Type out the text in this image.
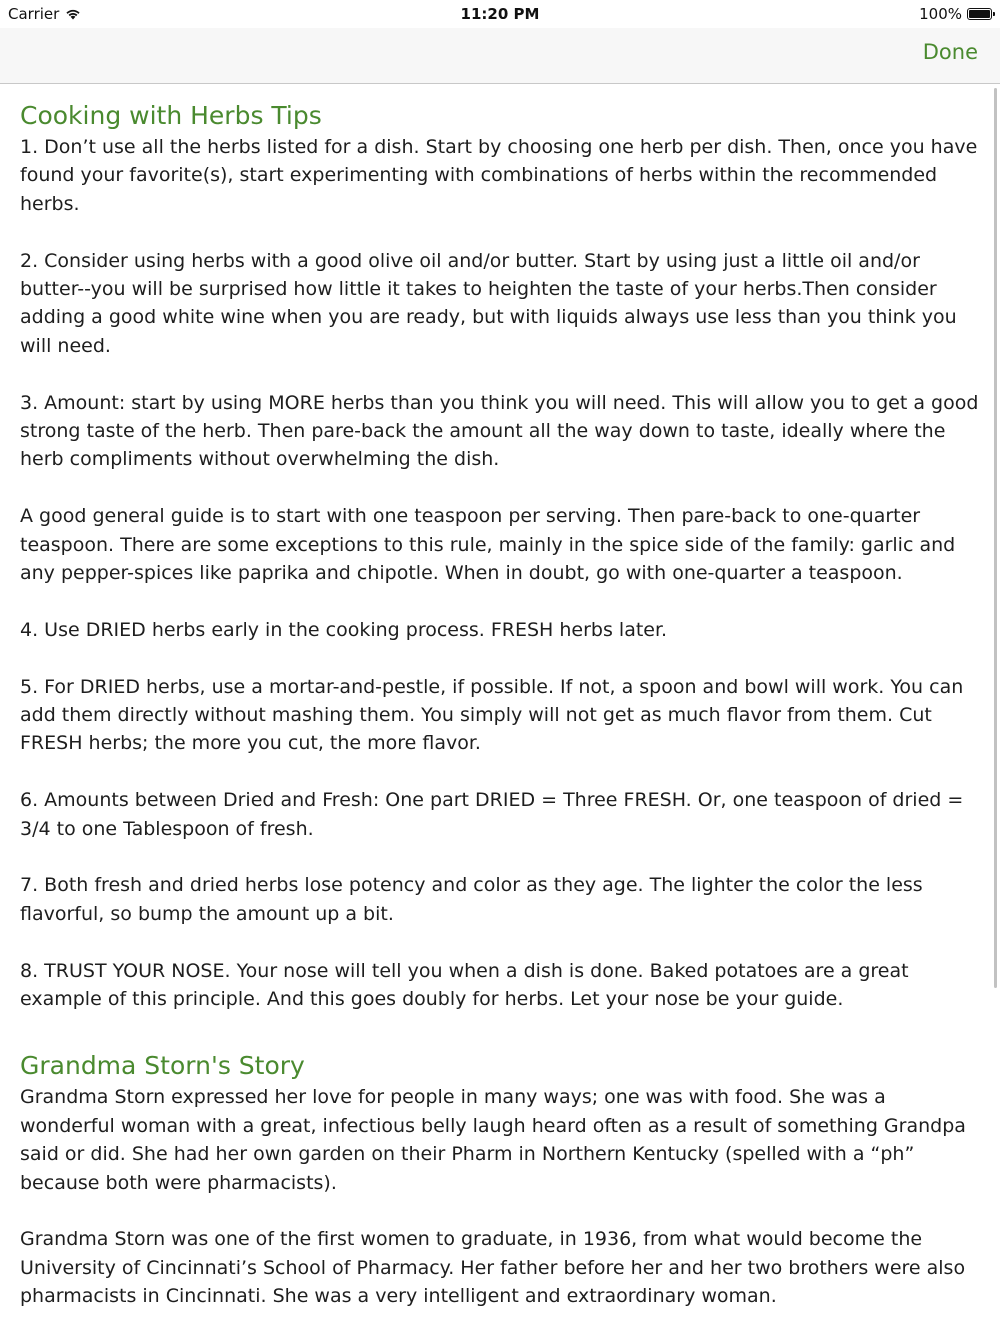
Carrier	11:20 PM	100%
Done
Cooking with Herbs Tips

1. Don’t use all the herbs listed for a dish. Start by choosing one herb per dish. Then, once you have found your favorite(s), start experimenting with combinations of herbs within the recommended herbs.

2. Consider using herbs with a good olive oil and/or butter. Start by using just a little oil and/or butter--you will be surprised how little it takes to heighten the taste of your herbs.Then consider adding a good white wine when you are ready, but with liquids always use less than you think you will need.

3. Amount: start by using MORE herbs than you think you will need. This will allow you to get a good strong taste of the herb. Then pare-back the amount all the way down to taste, ideally where the herb compliments without overwhelming the dish.

A good general guide is to start with one teaspoon per serving. Then pare-back to one-quarter teaspoon. There are some exceptions to this rule, mainly in the spice side of the family: garlic and any pepper-spices like paprika and chipotle. When in doubt, go with one-quarter a teaspoon.

4. Use DRIED herbs early in the cooking process. FRESH herbs later.

5. For DRIED herbs, use a mortar-and-pestle, if possible. If not, a spoon and bowl will work. You can add them directly without mashing them. You simply will not get as much flavor from them. Cut FRESH herbs; the more you cut, the more flavor.

6. Amounts between Dried and Fresh: One part DRIED = Three FRESH. Or, one teaspoon of dried = 3/4 to one Tablespoon of fresh.

7. Both fresh and dried herbs lose potency and color as they age. The lighter the color the less flavorful, so bump the amount up a bit.

8. TRUST YOUR NOSE. Your nose will tell you when a dish is done. Baked potatoes are a great example of this principle. And this goes doubly for herbs. Let your nose be your guide.

Grandma Storn's Story

Grandma Storn expressed her love for people in many ways; one was with food. She was a wonderful woman with a great, infectious belly laugh heard often as a result of something Grandpa said or did. She had her own garden on their Pharm in Northern Kentucky (spelled with a “ph” because both were pharmacists).

Grandma Storn was one of the first women to graduate, in 1936, from what would become the University of Cincinnati’s School of Pharmacy. Her father before her and her two brothers were also pharmacists in Cincinnati. She was a very intelligent and extraordinary woman.
